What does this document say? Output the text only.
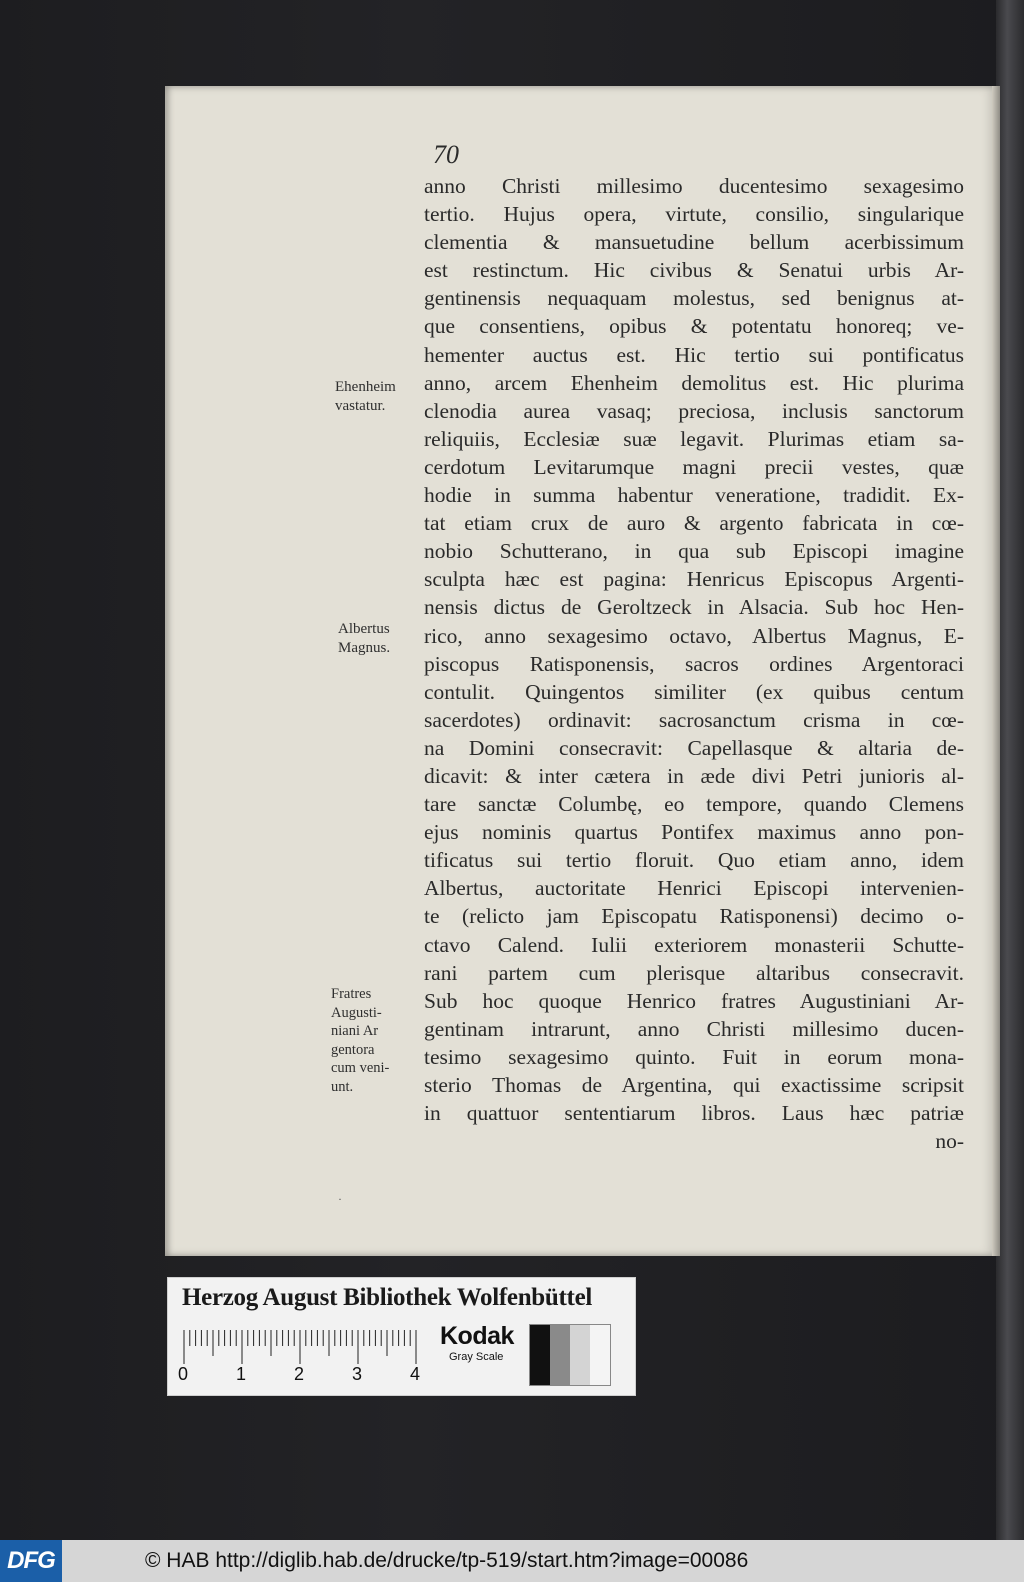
70
anno Christi millesimo ducentesimo sexagesimo
tertio. Hujus opera, virtute, consilio, singularique
clementia & mansuetudine bellum acerbissimum
est restinctum. Hic civibus & Senatui urbis Ar-
gentinensis nequaquam molestus, sed benignus at-
que consentiens, opibus & potentatu honoreq; ve-
hementer auctus est. Hic tertio sui pontificatus
anno, arcem Ehenheim demolitus est. Hic plurima
clenodia aurea vasaq; preciosa, inclusis sanctorum
reliquiis, Ecclesiæ suæ legavit. Plurimas etiam sa-
cerdotum Levitarumque magni precii vestes, quæ
hodie in summa habentur veneratione, tradidit. Ex-
tat etiam crux de auro & argento fabricata in cœ-
nobio Schutterano, in qua sub Episcopi imagine
sculpta hæc est pagina: Henricus Episcopus Argenti-
nensis dictus de Geroltzeck in Alsacia. Sub hoc Hen-
rico, anno sexagesimo octavo, Albertus Magnus, E-
piscopus Ratisponensis, sacros ordines Argentoraci
contulit. Quingentos similiter (ex quibus centum
sacerdotes) ordinavit: sacrosanctum crisma in cœ-
na Domini consecravit: Capellasque & altaria de-
dicavit: & inter cætera in æde divi Petri junioris al-
tare sanctæ Columbę, eo tempore, quando Clemens
ejus nominis quartus Pontifex maximus anno pon-
tificatus sui tertio floruit. Quo etiam anno, idem
Albertus, auctoritate Henrici Episcopi intervenien-
te (relicto jam Episcopatu Ratisponensi) decimo o-
ctavo Calend. Iulii exteriorem monasterii Schutte-
rani partem cum plerisque altaribus consecravit.
Sub hoc quoque Henrico fratres Augustiniani Ar-
gentinam intrarunt, anno Christi millesimo ducen-
tesimo sexagesimo quinto. Fuit in eorum mona-
sterio Thomas de Argentina, qui exactissime scripsit
in quattuor sententiarum libros. Laus hæc patriæ
no-
Ehenheim
vastatur.
Albertus
Magnus.
Fratres
Augusti-
niani Ar
gentora
cum veni-
unt.
·
Herzog August Bibliothek Wolfenbüttel
0	1	2	3	4
Kodak
Gray Scale
DFG	© HAB http://diglib.hab.de/drucke/tp-519/start.htm?image=00086
